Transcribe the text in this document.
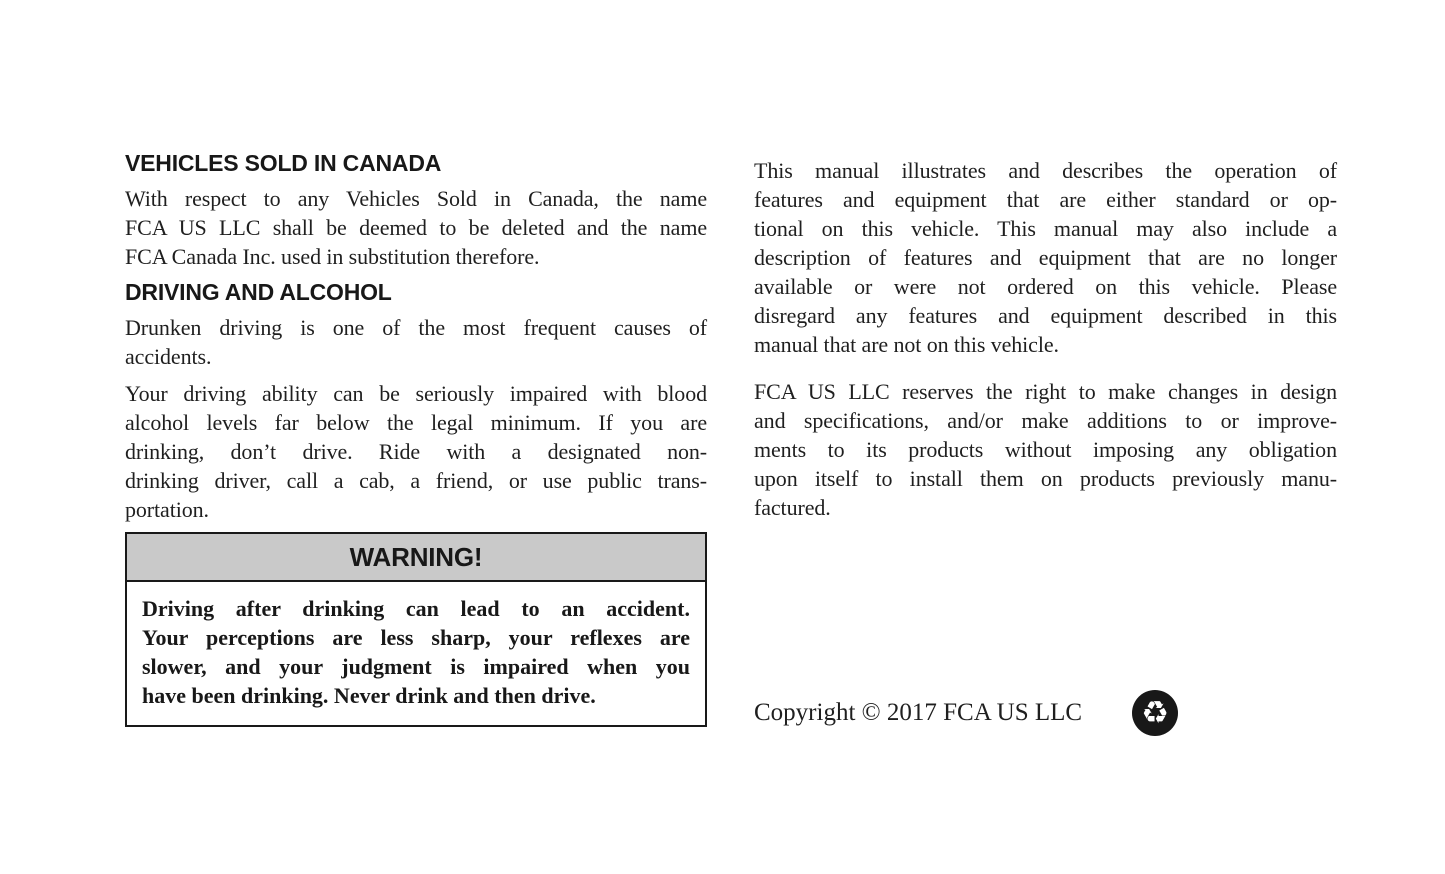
VEHICLES SOLD IN CANADA
With respect to any Vehicles Sold in Canada, the name
FCA US LLC shall be deemed to be deleted and the name
FCA Canada Inc. used in substitution therefore.
DRIVING AND ALCOHOL
Drunken driving is one of the most frequent causes of
accidents.
Your driving ability can be seriously impaired with blood
alcohol levels far below the legal minimum. If you are
drinking, don’t drive. Ride with a designated non-
drinking driver, call a cab, a friend, or use public trans-
portation.
WARNING!
Driving after drinking can lead to an accident.
Your perceptions are less sharp, your reflexes are
slower, and your judgment is impaired when you
have been drinking. Never drink and then drive.
This manual illustrates and describes the operation of
features and equipment that are either standard or op-
tional on this vehicle. This manual may also include a
description of features and equipment that are no longer
available or were not ordered on this vehicle. Please
disregard any features and equipment described in this
manual that are not on this vehicle.
FCA US LLC reserves the right to make changes in design
and specifications, and/or make additions to or improve-
ments to its products without imposing any obligation
upon itself to install them on products previously manu-
factured.
Copyright © 2017 FCA US LLC ♻
